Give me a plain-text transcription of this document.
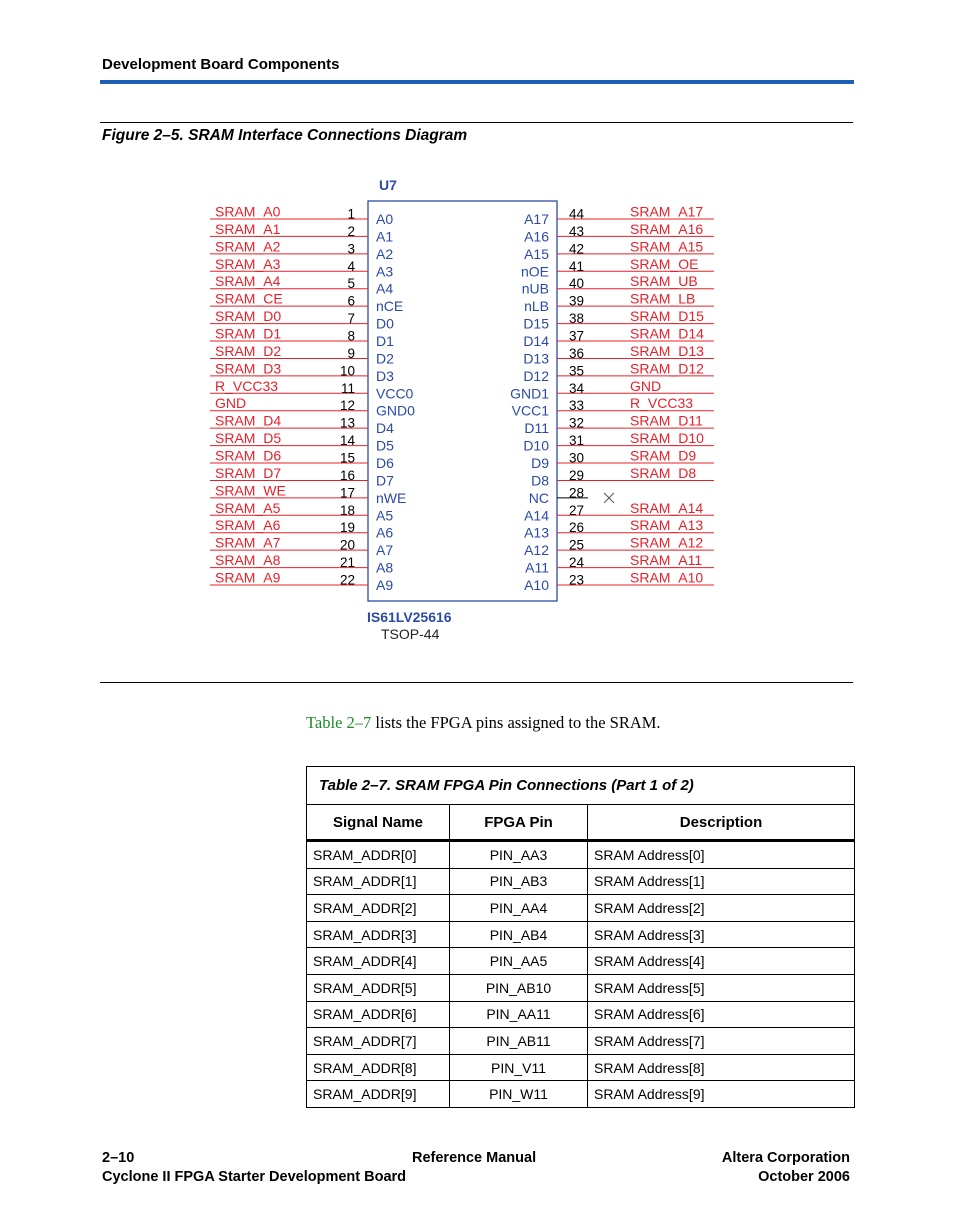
Development Board Components
Figure 2–5. SRAM Interface Connections Diagram
U7
IS61LV25616
TSOP-44
SRAM_A0	1 A0
SRAM_A1	2 A1
SRAM_A2	3 A2
SRAM_A3	4 A3
SRAM_A4	5 A4
SRAM_CE	6 nCE
SRAM_D0	7 D0
SRAM_D1	8 D1
SRAM_D2	9 D2
SRAM_D3	10 D3
R_VCC33	11 VCC0
GND	12 GND0
SRAM_D4	13 D4
SRAM_D5	14 D5
SRAM_D6	15 D6
SRAM_D7	16 D7
SRAM_WE	17 nWE
SRAM_A5	18 A5
SRAM_A6	19 A6
SRAM_A7	20 A7
SRAM_A8	21 A8
SRAM_A9	22 A9
SRAM_A17
44
A17
SRAM_A16
43
A16
SRAM_A15
42
A15
SRAM_OE
41
nOE
SRAM_UB
40
nUB
SRAM_LB
39
nLB
SRAM_D15
38
D15
SRAM_D14
37
D14
SRAM_D13
36
D13
SRAM_D12
35
D12
GND
34
GND1
R_VCC33
33
VCC1
SRAM_D11
32
D11
SRAM_D10
31
D10
SRAM_D9
30
D9
SRAM_D8
29
D8
28
NC
SRAM_A14
27
A14
SRAM_A13
26
A13
SRAM_A12
25
A12
SRAM_A11
24
A11
SRAM_A10
23
A10
Table 2–7 lists the FPGA pins assigned to the SRAM.
Table 2–7. SRAM FPGA Pin Connections (Part 1 of 2)		
Signal Name	FPGA Pin	Description
SRAM_ADDR[0]	PIN_AA3	SRAM Address[0]
SRAM_ADDR[1]	PIN_AB3	SRAM Address[1]
SRAM_ADDR[2]	PIN_AA4	SRAM Address[2]
SRAM_ADDR[3]	PIN_AB4	SRAM Address[3]
SRAM_ADDR[4]	PIN_AA5	SRAM Address[4]
SRAM_ADDR[5]	PIN_AB10	SRAM Address[5]
SRAM_ADDR[6]	PIN_AA11	SRAM Address[6]
SRAM_ADDR[7]	PIN_AB11	SRAM Address[7]
SRAM_ADDR[8]	PIN_V11	SRAM Address[8]
SRAM_ADDR[9]	PIN_W11	SRAM Address[9]
2–10	Reference Manual	Altera Corporation
Cyclone II FPGA Starter Development Board	October 2006
